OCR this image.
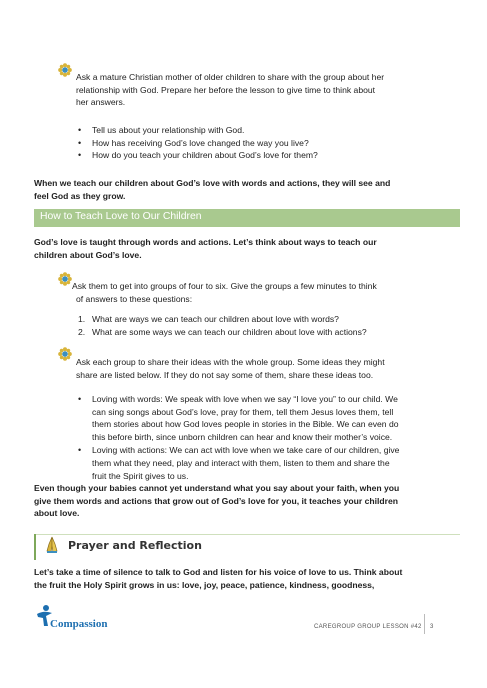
Ask a mature Christian mother of older children to share with the group about her
relationship with God. Prepare her before the lesson to give time to think about
her answers.
• Tell us about your relationship with God.
• How has receiving God’s love changed the way you live?
• How do you teach your children about God’s love for them?
When we teach our children about God’s love with words and actions, they will see and
feel God as they grow.
How to Teach Love to Our Children
God’s love is taught through words and actions. Let’s think about ways to teach our
children about God’s love.
Ask them to get into groups of four to six. Give the groups a few minutes to think
of answers to these questions:
1. What are ways we can teach our children about love with words?
2. What are some ways we can teach our children about love with actions?
Ask each group to share their ideas with the whole group. Some ideas they might
share are listed below. If they do not say some of them, share these ideas too.
• Loving with words: We speak with love when we say “I love you” to our child. We
can sing songs about God’s love, pray for them, tell them Jesus loves them, tell
them stories about how God loves people in stories in the Bible. We can even do
this before birth, since unborn children can hear and know their mother’s voice.
• Loving with actions: We can act with love when we take care of our children, give
them what they need, play and interact with them, listen to them and share the
fruit the Spirit gives to us.
Even though your babies cannot yet understand what you say about your faith, when you
give them words and actions that grow out of God’s love for you, it teaches your children
about love.
Prayer and Reflection
Let’s take a time of silence to talk to God and listen for his voice of love to us. Think about
the fruit the Holy Spirit grows in us: love, joy, peace, patience, kindness, goodness,
Compassion	CAREGROUP GROUP LESSON #42 3
